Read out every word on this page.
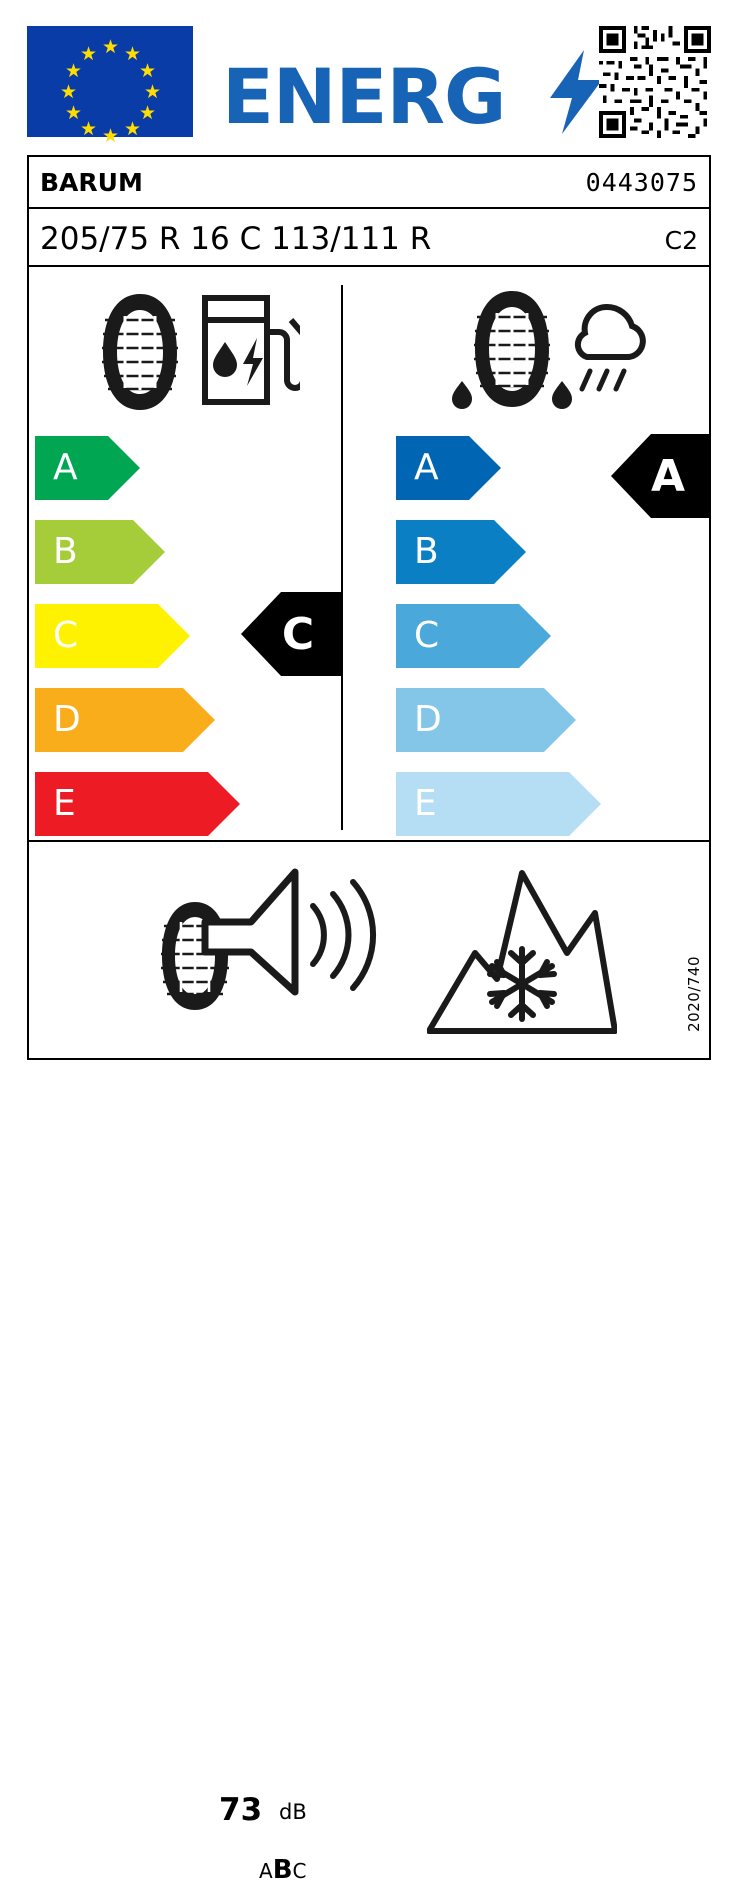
★
★ ★
★	★
★	★
★	★
★ ★
★ ENERG
BARUM	0443075
205/75 R 16 C 113/111 R	C2
A
B
C
D
E
A
B
C
D
E
C
A
73 dB
ABC
2020/740
